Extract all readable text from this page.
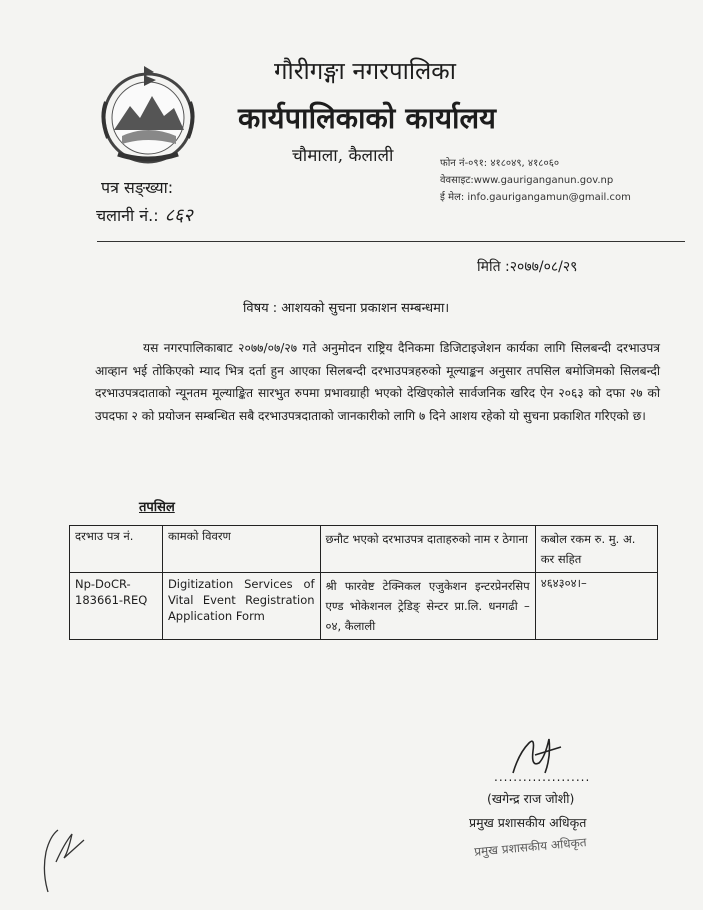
गौरीगङ्गा नगरपालिका
कार्यपालिकाको कार्यालय
चौमाला, कैलाली	फोन नं-०९१: ४१८०४९, ४१८०६०
वेवसाइट:www.gauriganganun.gov.np
ई मेल: info.gaurigangamun@gmail.com
पत्र सङ्ख्या:
चलानी नं.: ८६२
मिति :२०७७/०८/२९
विषय : आशयको सुचना प्रकाशन सम्बन्धमा।

यस नगरपालिकाबाट २०७७/०७/२७ गते अनुमोदन राष्ट्रिय दैनिकमा डिजिटाइजेशन कार्यका लागि सिलबन्दी दरभाउपत्र आव्हान भई तोकिएको म्याद भित्र दर्ता हुन आएका सिलबन्दी दरभाउपत्रहरुको मूल्याङ्कन अनुसार तपसिल बमोजिमको सिलबन्दी दरभाउपत्रदाताको न्यूनतम मूल्याङ्कित सारभुत रुपमा प्रभावग्राही भएको देखिएकोले सार्वजनिक खरिद ऐन २०६३ को दफा २७ को उपदफा २ को प्रयोजन सम्बन्धित सबै दरभाउपत्रदाताको जानकारीको लागि ७ दिने आशय रहेको यो सुचना प्रकाशित गरिएको छ।

तपसिल
दरभाउ पत्र नं.	कामको विवरण	छनौट भएको दरभाउपत्र दाताहरुको नाम र ठेगाना	कबोल रकम रु. मु. अ. कर सहित
Np-DoCR-183661-REQ	Digitization Services of Vital Event Registration Application Form	श्री फारवेष्ट टेक्निकल एजुकेशन इन्टरप्रेनरसिप एण्ड भोकेशनल ट्रेडिङ् सेन्टर प्रा.लि. धनगढी – ०४, कैलाली	४६४३०४।–
....................
(खगेन्द्र राज जोशी)
प्रमुख प्रशासकीय अधिकृत
प्रमुख प्रशासकीय अधिकृत
